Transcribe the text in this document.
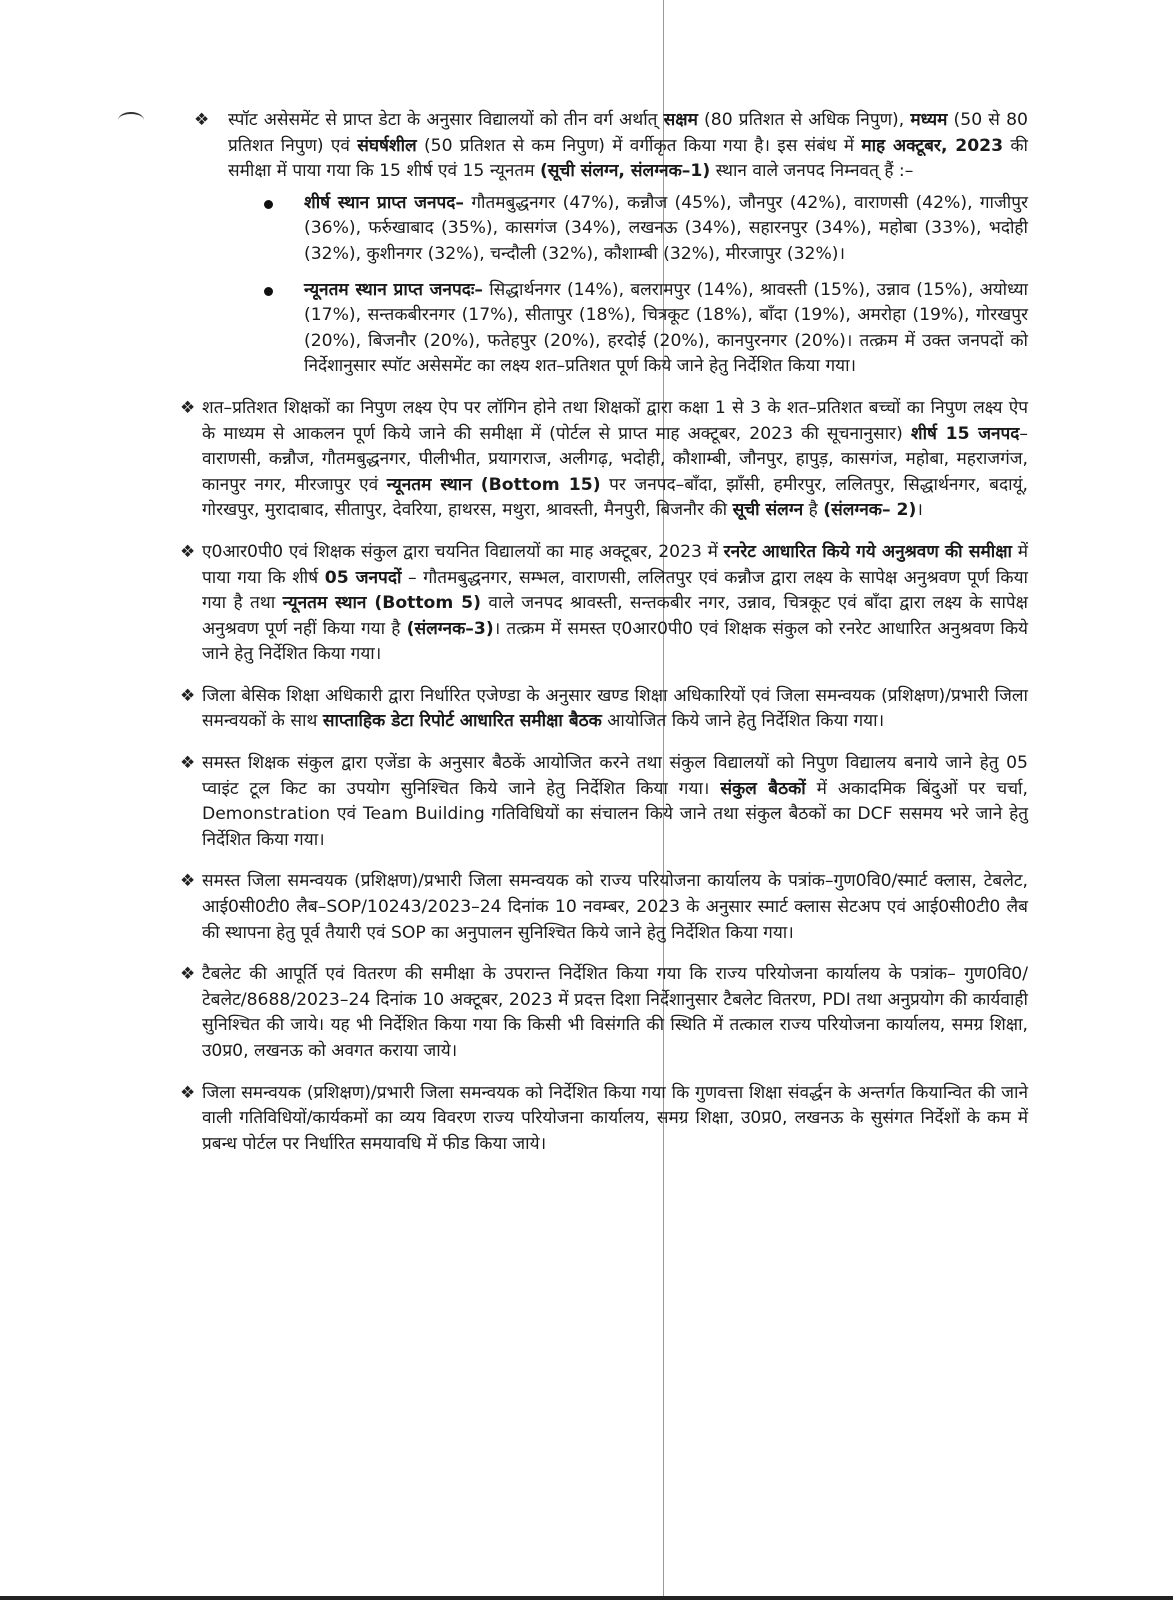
❖ स्पॉट असेसमेंट से प्राप्त डेटा के अनुसार विद्यालयों को तीन वर्ग अर्थात् सक्षम (80 प्रतिशत से अधिक निपुण), मध्यम (50 से 80 प्रतिशत निपुण) एवं संघर्षशील (50 प्रतिशत से कम निपुण) में वर्गीकृत किया गया है। इस संबंध में माह अक्टूबर, 2023 की समीक्षा में पाया गया कि 15 शीर्ष एवं 15 न्यूनतम (सूची संलग्न, संलग्नक–1) स्थान वाले जनपद निम्नवत् हैं :–
शीर्ष स्थान प्राप्त जनपद– गौतमबुद्धनगर (47%), कन्नौज (45%), जौनपुर (42%), वाराणसी (42%), गाजीपुर (36%), फर्रुखाबाद (35%), कासगंज (34%), लखनऊ (34%), सहारनपुर (34%), महोबा (33%), भदोही (32%), कुशीनगर (32%), चन्दौली (32%), कौशाम्बी (32%), मीरजापुर (32%)।
न्यूनतम स्थान प्राप्त जनपदः– सिद्धार्थनगर (14%), बलरामपुर (14%), श्रावस्ती (15%), उन्नाव (15%), अयोध्या (17%), सन्तकबीरनगर (17%), सीतापुर (18%), चित्रकूट (18%), बाँदा (19%), अमरोहा (19%), गोरखपुर (20%), बिजनौर (20%), फतेहपुर (20%), हरदोई (20%), कानपुरनगर (20%)। तत्क्रम में उक्त जनपदों को निर्देशानुसार स्पॉट असेसमेंट का लक्ष्य शत–प्रतिशत पूर्ण किये जाने हेतु निर्देशित किया गया।
❖ शत–प्रतिशत शिक्षकों का निपुण लक्ष्य ऐप पर लॉगिन होने तथा शिक्षकों द्वारा कक्षा 1 से 3 के शत–प्रतिशत बच्चों का निपुण लक्ष्य ऐप के माध्यम से आकलन पूर्ण किये जाने की समीक्षा में (पोर्टल से प्राप्त माह अक्टूबर, 2023 की सूचनानुसार) शीर्ष 15 जनपद–वाराणसी, कन्नौज, गौतमबुद्धनगर, पीलीभीत, प्रयागराज, अलीगढ़, भदोही, कौशाम्बी, जौनपुर, हापुड़, कासगंज, महोबा, महराजगंज, कानपुर नगर, मीरजापुर एवं न्यूनतम स्थान (Bottom 15) पर जनपद–बाँदा, झाँसी, हमीरपुर, ललितपुर, सिद्धार्थनगर, बदायूं, गोरखपुर, मुरादाबाद, सीतापुर, देवरिया, हाथरस, मथुरा, श्रावस्ती, मैनपुरी, बिजनौर की सूची संलग्न है (संलग्नक– 2)।
❖ ए0आर0पी0 एवं शिक्षक संकुल द्वारा चयनित विद्यालयों का माह अक्टूबर, 2023 में रनरेट आधारित किये गये अनुश्रवण की समीक्षा में पाया गया कि शीर्ष 05 जनपदों – गौतमबुद्धनगर, सम्भल, वाराणसी, ललितपुर एवं कन्नौज द्वारा लक्ष्य के सापेक्ष अनुश्रवण पूर्ण किया गया है तथा न्यूनतम स्थान (Bottom 5) वाले जनपद श्रावस्ती, सन्तकबीर नगर, उन्नाव, चित्रकूट एवं बाँदा द्वारा लक्ष्य के सापेक्ष अनुश्रवण पूर्ण नहीं किया गया है (संलग्नक–3)। तत्क्रम में समस्त ए0आर0पी0 एवं शिक्षक संकुल को रनरेट आधारित अनुश्रवण किये जाने हेतु निर्देशित किया गया।
❖ जिला बेसिक शिक्षा अधिकारी द्वारा निर्धारित एजेण्डा के अनुसार खण्ड शिक्षा अधिकारियों एवं जिला समन्वयक (प्रशिक्षण)/प्रभारी जिला समन्वयकों के साथ साप्ताहिक डेटा रिपोर्ट आधारित समीक्षा बैठक आयोजित किये जाने हेतु निर्देशित किया गया।
❖ समस्त शिक्षक संकुल द्वारा एजेंडा के अनुसार बैठकें आयोजित करने तथा संकुल विद्यालयों को निपुण विद्यालय बनाये जाने हेतु 05 प्वाइंट टूल किट का उपयोग सुनिश्चित किये जाने हेतु निर्देशित किया गया। संकुल बैठकों में अकादमिक बिंदुओं पर चर्चा, Demonstration एवं Team Building गतिविधियों का संचालन किये जाने तथा संकुल बैठकों का DCF ससमय भरे जाने हेतु निर्देशित किया गया।
❖ समस्त जिला समन्वयक (प्रशिक्षण)/प्रभारी जिला समन्वयक को राज्य परियोजना कार्यालय के पत्रांक–गुण0वि0/स्मार्ट क्लास, टेबलेट, आई0सी0टी0 लैब–SOP/10243/2023–24 दिनांक 10 नवम्बर, 2023 के अनुसार स्मार्ट क्लास सेटअप एवं आई0सी0टी0 लैब की स्थापना हेतु पूर्व तैयारी एवं SOP का अनुपालन सुनिश्चित किये जाने हेतु निर्देशित किया गया।
❖ टैबलेट की आपूर्ति एवं वितरण की समीक्षा के उपरान्त निर्देशित किया गया कि राज्य परियोजना कार्यालय के पत्रांक– गुण0वि0/टेबलेट/8688/2023–24 दिनांक 10 अक्टूबर, 2023 में प्रदत्त दिशा निर्देशानुसार टैबलेट वितरण, PDI तथा अनुप्रयोग की कार्यवाही सुनिश्चित की जाये। यह भी निर्देशित किया गया कि किसी भी विसंगति की स्थिति में तत्काल राज्य परियोजना कार्यालय, समग्र शिक्षा, उ0प्र0, लखनऊ को अवगत कराया जाये।
❖ जिला समन्वयक (प्रशिक्षण)/प्रभारी जिला समन्वयक को निर्देशित किया गया कि गुणवत्ता शिक्षा संवर्द्धन के अन्तर्गत कियान्वित की जाने वाली गतिविधियों/कार्यकमों का व्यय विवरण राज्य परियोजना कार्यालय, समग्र शिक्षा, उ0प्र0, लखनऊ के सुसंगत निर्देशों के कम में प्रबन्ध पोर्टल पर निर्धारित समयावधि में फीड किया जाये।
